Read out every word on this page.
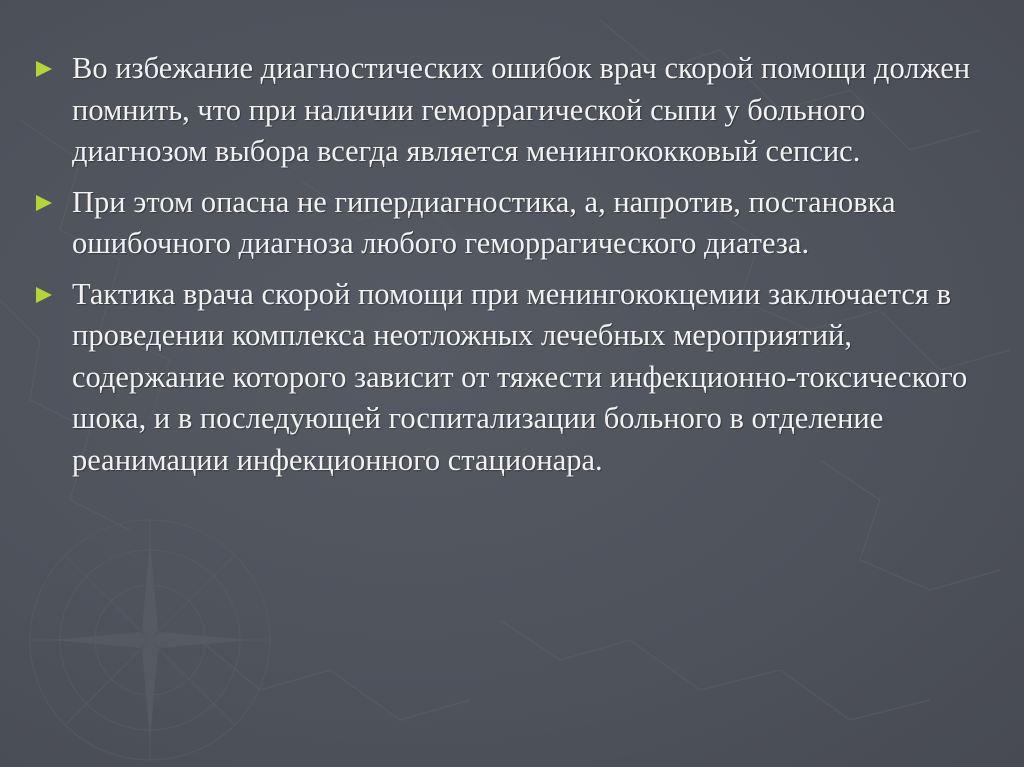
Во избежание диагностических ошибок врач скорой помощи должен помнить, что при наличии геморрагической сыпи у больного диагнозом выбора всегда является менингококковый сепсис.
При этом опасна не гипердиагностика, а, напротив, постановка ошибочного диагноза любого геморрагического диатеза.
Тактика врача скорой помощи при менингококцемии заключается в проведении комплекса неотложных лечебных мероприятий, содержание которого зависит от тяжести инфекционно-токсического шока, и в последующей госпитализации больного в отделение реанимации инфекционного стационара.
